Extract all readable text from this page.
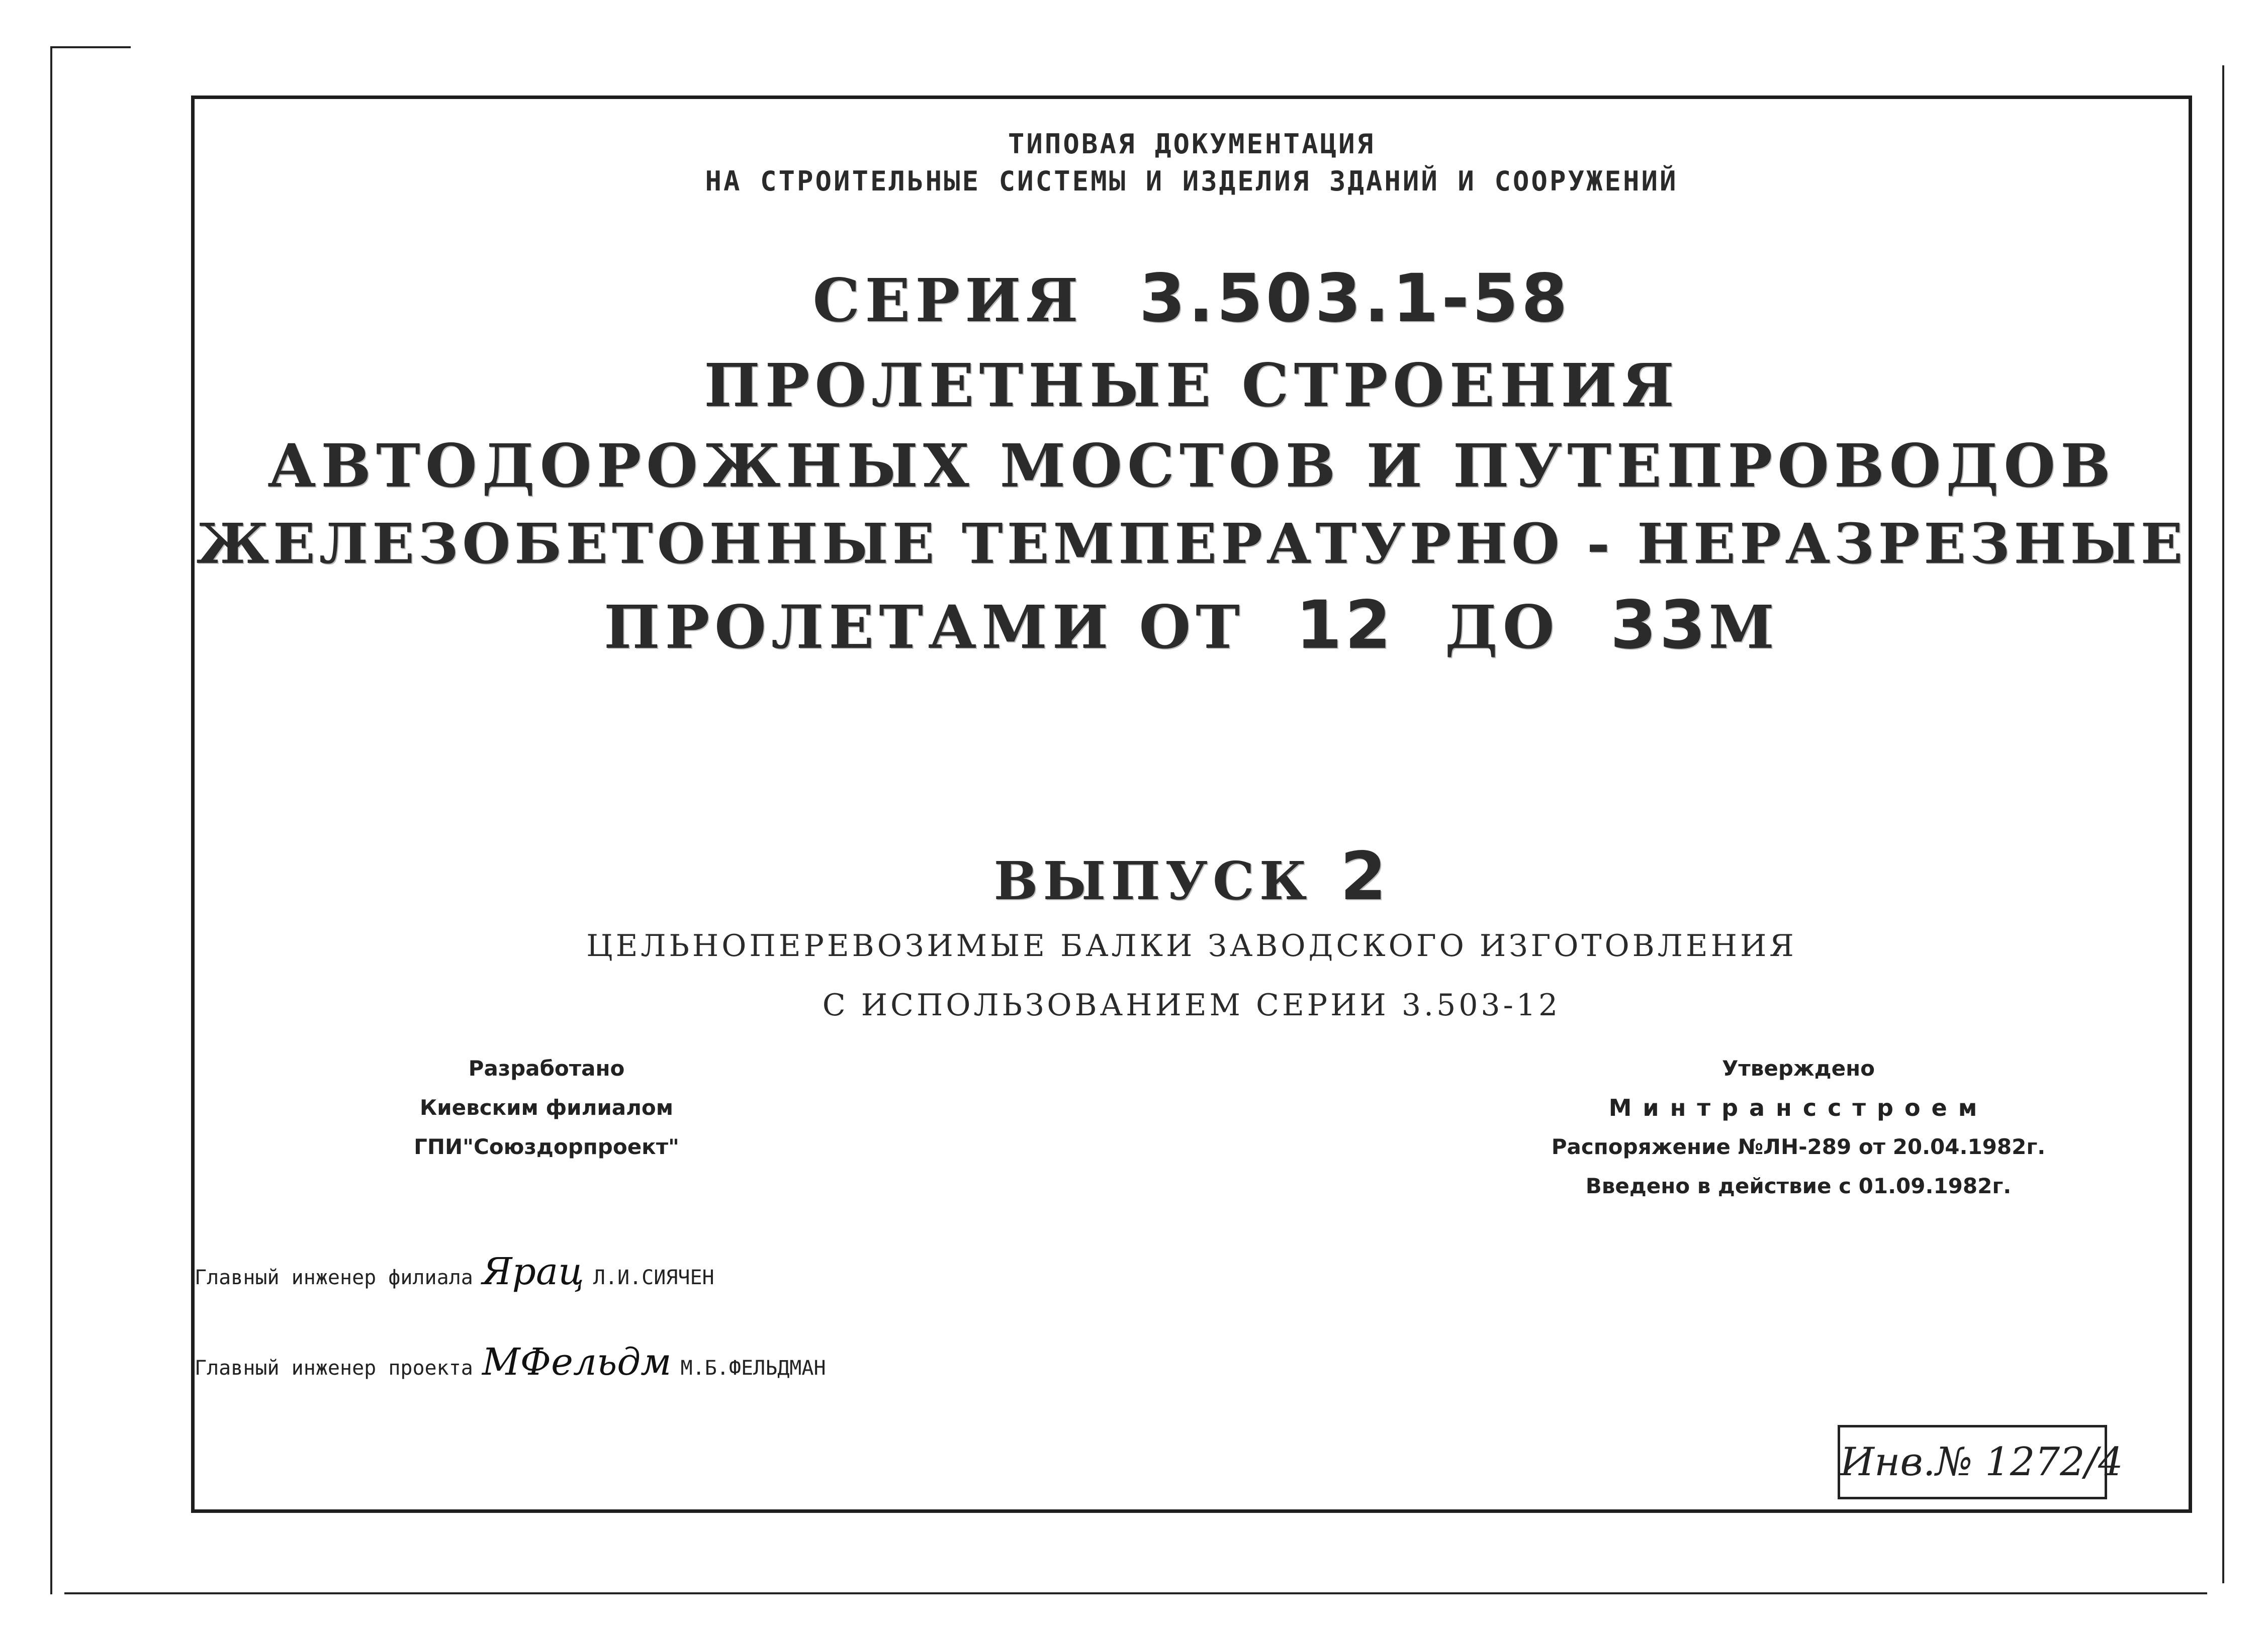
ТИПОВАЯ ДОКУМЕНТАЦИЯ
НА СТРОИТЕЛЬНЫЕ СИСТЕМЫ И ИЗДЕЛИЯ ЗДАНИЙ И СООРУЖЕНИЙ
СЕРИЯ 3.503.1-58
ПРОЛЕТНЫЕ СТРОЕНИЯ
АВТОДОРОЖНЫХ МОСТОВ И ПУТЕПРОВОДОВ
ЖЕЛЕЗОБЕТОННЫЕ ТЕМПЕРАТУРНО - НЕРАЗРЕЗНЫЕ
ПРОЛЕТАМИ ОТ 12 ДО 33М
ВЫПУСК 2
ЦЕЛЬНОПЕРЕВОЗИМЫЕ БАЛКИ ЗАВОДСКОГО ИЗГОТОВЛЕНИЯ
С ИСПОЛЬЗОВАНИЕМ СЕРИИ 3.503-12
Разработано
Киевским филиалом
ГПИ"Союздорпроект"
Утверждено
Минтрансстроем
Распоряжение №ЛН-289 от 20.04.1982г.
Введено в действие с 01.09.1982г.
Главный инженер филиала Ярац Л.И.СИЯЧЕН
Главный инженер проекта МФельдм М.Б.ФЕЛЬДМАН
Инв.№ 1272/4
